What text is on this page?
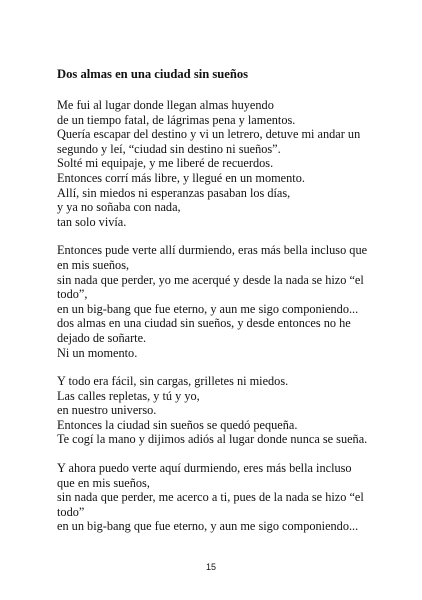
Dos almas en una ciudad sin sueños
Me fui al lugar donde llegan almas huyendo
de un tiempo fatal, de lágrimas pena y lamentos.
Quería escapar del destino y vi un letrero, detuve mi andar un
segundo y leí, “ciudad sin destino ni sueños”.
Solté mi equipaje, y me liberé de recuerdos.
Entonces corrí más libre, y llegué en un momento.
Allí, sin miedos ni esperanzas pasaban los días,
y ya no soñaba con nada,
tan solo vivía.
Entonces pude verte allí durmiendo, eras más bella incluso que
en mis sueños,
sin nada que perder, yo me acerqué y desde la nada se hizo “el
todo”,
en un big-bang que fue eterno, y aun me sigo componiendo...
dos almas en una ciudad sin sueños, y desde entonces no he
dejado de soñarte.
Ni un momento.
Y todo era fácil, sin cargas, grilletes ni miedos.
Las calles repletas, y tú y yo,
en nuestro universo.
Entonces la ciudad sin sueños se quedó pequeña.
Te cogí la mano y dijimos adiós al lugar donde nunca se sueña.
Y ahora puedo verte aquí durmiendo, eres más bella incluso
que en mis sueños,
sin nada que perder, me acerco a ti, pues de la nada se hizo “el
todo”
en un big-bang que fue eterno, y aun me sigo componiendo...
15
